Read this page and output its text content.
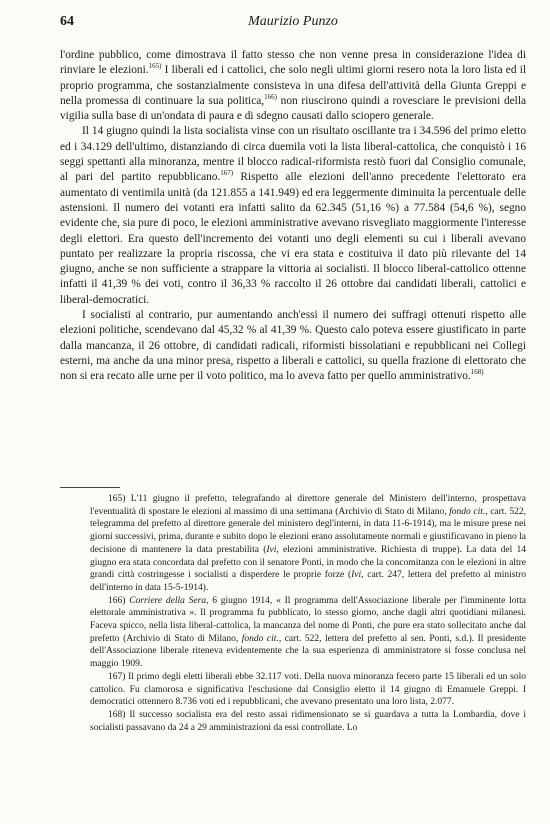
64	Maurizio Punzo

l'ordine pubblico, come dimostrava il fatto stesso che non venne presa in considerazione l'idea di rinviare le elezioni.$^{165)}$ I liberali ed i cattolici, che solo negli ultimi giorni resero nota la loro lista ed il proprio programma, che sostanzialmente consisteva in una difesa dell'attività della Giunta Greppi e nella promessa di continuare la sua politica,$^{166)}$ non riuscirono quindi a rovesciare le previsioni della vigilia sulla base di un'ondata di paura e di sdegno causati dallo sciopero generale.

Il 14 giugno quindi la lista socialista vinse con un risultato oscillante tra i 34.596 del primo eletto ed i 34.129 dell'ultimo, distanziando di circa duemila voti la lista liberal-cattolica, che conquistò i 16 seggi spettanti alla minoranza, mentre il blocco radical-riformista restò fuori dal Consiglio comunale, al pari del partito repubblicano.$^{167)}$ Rispetto alle elezioni dell'anno precedente l'elettorato era aumentato di ventimila unità (da 121.855 a 141.949) ed era leggermente diminuita la percentuale delle astensioni. Il numero dei votanti era infatti salito da 62.345 (51,16 %) a 77.584 (54,6 %), segno evidente che, sia pure di poco, le elezioni amministrative avevano risvegliato maggiormente l'interesse degli elettori. Era questo dell'incremento dei votanti uno degli elementi su cui i liberali avevano puntato per realizzare la propria riscossa, che vi era stata e costituiva il dato più rilevante del 14 giugno, anche se non sufficiente a strappare la vittoria ai socialisti. Il blocco liberal-cattolico ottenne infatti il 41,39 % dei voti, contro il 36,33 % raccolto il 26 ottobre dai candidati liberali, cattolici e liberal-democratici.

I socialisti al contrario, pur aumentando anch'essi il numero dei suffragi ottenuti rispetto alle elezioni politiche, scendevano dal 45,32 % al 41,39 %. Questo calo poteva essere giustificato in parte dalla mancanza, il 26 ottobre, di candidati radicali, riformisti bissolatiani e repubblicani nei Collegi esterni, ma anche da una minor presa, rispetto a liberali e cattolici, su quella frazione di elettorato che non si era recato alle urne per il voto politico, ma lo aveva fatto per quello amministrativo.$^{168)}$

165) L'11 giugno il prefetto, telegrafando al direttore generale del Ministero dell'interno, prospettava l'eventualità di spostare le elezioni al massimo di una settimana (Archivio di Stato di Milano, fondo cit., cart. 522, telegramma del prefetto al direttore generale del ministero degl'interni, in data 11-6-1914), ma le misure prese nei giorni successivi, prima, durante e subito dopo le elezioni erano assolutamente normali e giustificavano in pieno la decisione di mantenere la data prestabilita (Ivi, elezioni amministrative. Richiesta di truppe). La data del 14 giugno era stata concordata dal prefetto con il senatore Ponti, in modo che la concomitanza con le elezioni in altre grandi città costringesse i socialisti a disperdere le proprie forze (Ivi, cart. 247, lettera del prefetto al ministro dell'interno in data 15-5-1914).

166) Corriere della Sera, 6 giugno 1914, « Il programma dell'Associazione liberale per l'imminente lotta elettorale amministrativa ». Il programma fu pubblicato, lo stesso giorno, anche dagli altri quotidiani milanesi. Faceva spicco, nella lista liberal-cattolica, la mancanza del nome di Ponti, che pure era stato sollecitato anche dal prefetto (Archivio di Stato di Milano, fondo cit., cart. 522, lettera del prefetto al sen. Ponti, s.d.). Il presidente dell'Associazione liberale riteneva evidentemente che la sua esperienza di amministratore si fosse conclusa nel maggio 1909.

167) Il primo degli eletti liberali ebbe 32.117 voti. Della nuova minoranza fecero parte 15 liberali ed un solo cattolico. Fu clamorosa e significativa l'esclusione dal Consiglio eletto il 14 giugno di Emanuele Greppi. I democratici ottennero 8.736 voti ed i repubblicani, che avevano presentato una loro lista, 2.077.

168) Il successo socialista era del resto assai ridimensionato se si guardava a tutta la Lombardia, dove i socialisti passavano da 24 a 29 amministrazioni da essi controllate. Lo
